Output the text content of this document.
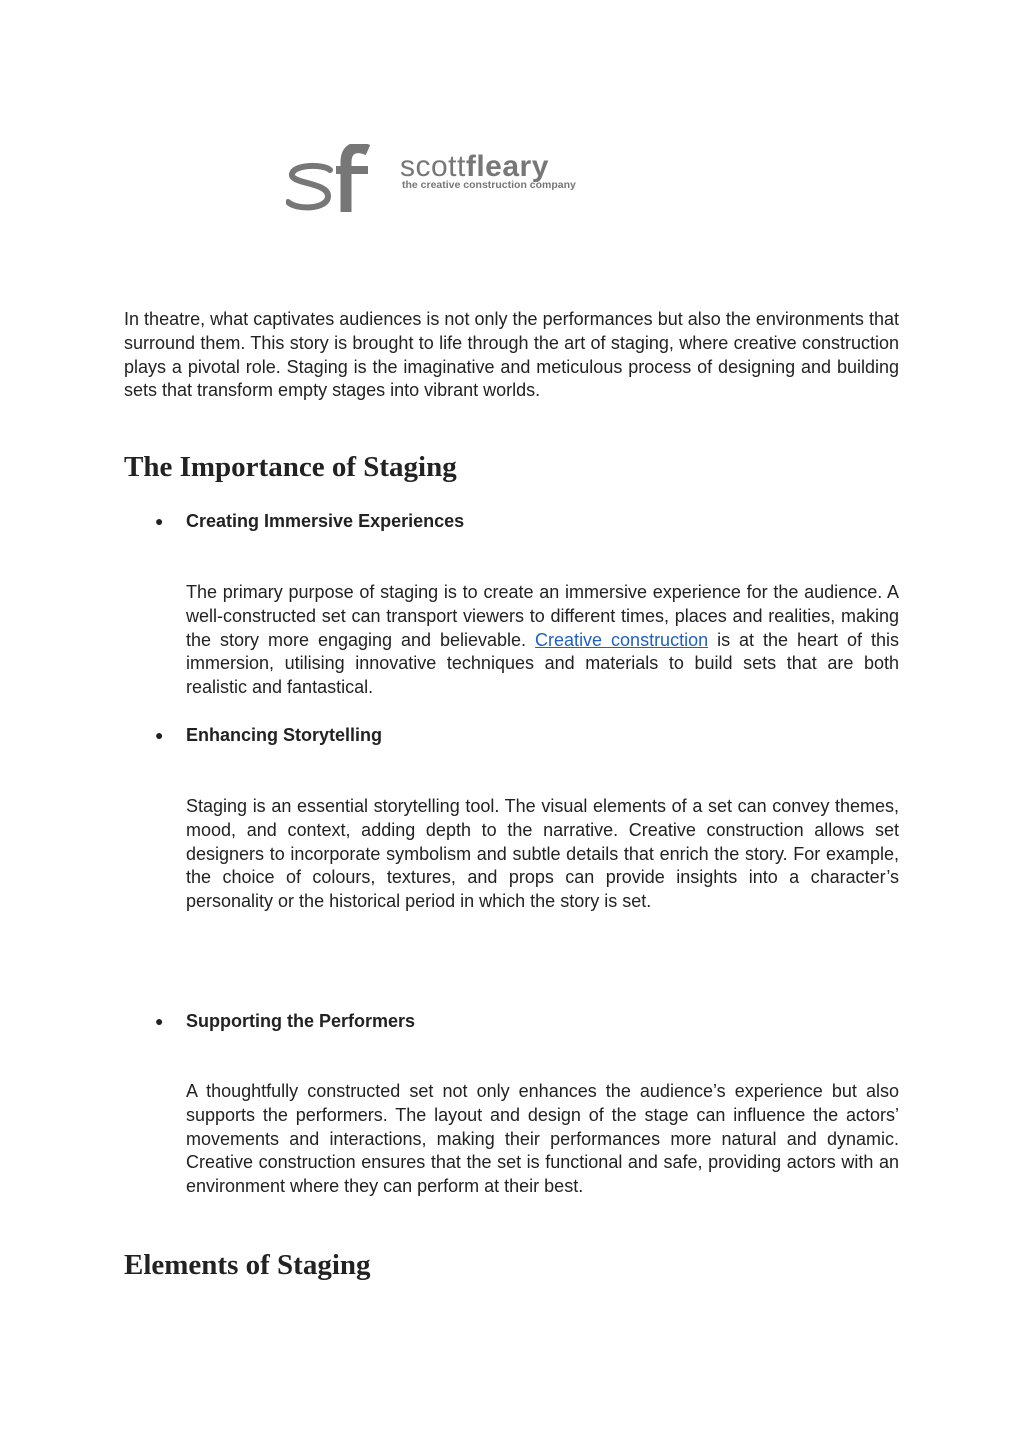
scottfleary
the creative construction company

In theatre, what captivates audiences is not only the performances but also the environments that surround them. This story is brought to life through the art of staging, where creative construction plays a pivotal role. Staging is the imaginative and meticulous process of designing and building sets that transform empty stages into vibrant worlds.

The Importance of Staging
● Creating Immersive Experiences

The primary purpose of staging is to create an immersive experience for the audience. A well-constructed set can transport viewers to different times, places and realities, making the story more engaging and believable. Creative construction is at the heart of this immersion, utilising innovative techniques and materials to build sets that are both realistic and fantastical.

● Enhancing Storytelling

Staging is an essential storytelling tool. The visual elements of a set can convey themes, mood, and context, adding depth to the narrative. Creative construction allows set designers to incorporate symbolism and subtle details that enrich the story. For example, the choice of colours, textures, and props can provide insights into a character’s personality or the historical period in which the story is set.

● Supporting the Performers

A thoughtfully constructed set not only enhances the audience’s experience but also supports the performers. The layout and design of the stage can influence the actors’ movements and interactions, making their performances more natural and dynamic. Creative construction ensures that the set is functional and safe, providing actors with an environment where they can perform at their best.

Elements of Staging
